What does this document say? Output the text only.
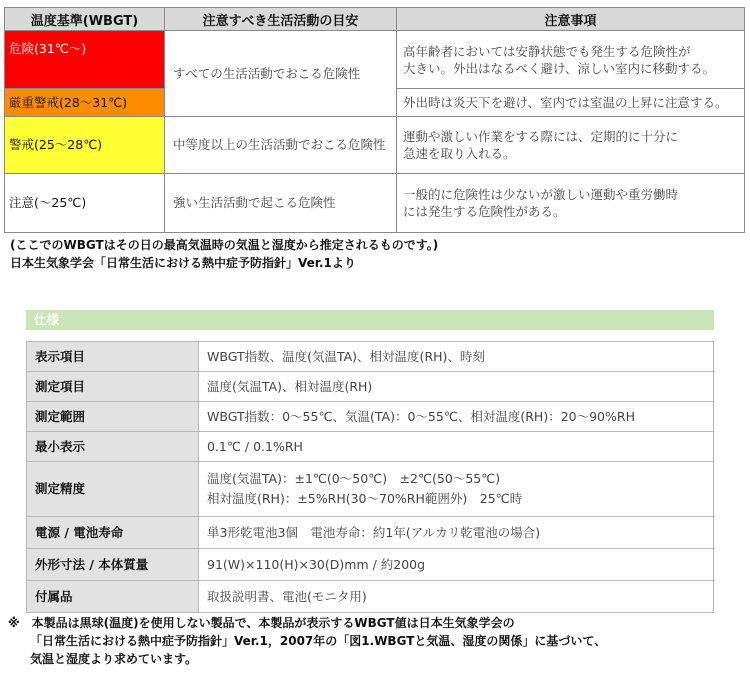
温度基準(WBGT)	注意すべき生活活動の目安	注意事項
危険(31℃～)	すべての生活活動でおこる危険性	高年齢者においては安静状態でも発生する危険性が
大きい。外出はなるべく避け、涼しい室内に移動する。

厳重警戒(28～31℃)		外出時は炎天下を避け、室内では室温の上昇に注意する。

警戒(25～28℃)	中等度以上の生活活動でおこる危険性	運動や激しい作業をする際には、定期的に十分に
急速を取り入れる。

注意(～25℃)	強い生活活動で起こる危険性	一般的に危険性は少ないが激しい運動や重労働時
には発生する危険性がある。

(ここでのWBGTはその日の最高気温時の気温と湿度から推定されるものです。)

日本生気象学会「日常生活における熱中症予防指針」Ver.1より

仕様
表示項目	WBGT指数、温度(気温TA)、相対温度(RH)、時刻
測定項目	温度(気温TA)、相対温度(RH)
測定範囲	WBGT指数：0～55℃、気温(TA)：0～55℃、相対温度(RH)：20～90%RH
最小表示	0.1℃ / 0.1%RH
測定精度	温度(気温TA)：±1℃(0～50℃)　±2℃(50～55℃)
相対温度(RH)：±5%RH(30～70%RH範囲外)　25℃時

電源 / 電池寿命	単3形乾電池3個　電池寿命：約1年(アルカリ乾電池の場合)
外形寸法 / 本体質量	91(W)×110(H)×30(D)mm / 約200g
付属品	取扱説明書、電池(モニタ用)

※　本製品は黒球(温度)を使用しない製品で、本製品が表示するWBGT値は日本生気象学会の

「日常生活における熱中症予防指針」Ver.1，2007年の「図1.WBGTと気温、湿度の関係」に基づいて、

気温と湿度より求めています。
